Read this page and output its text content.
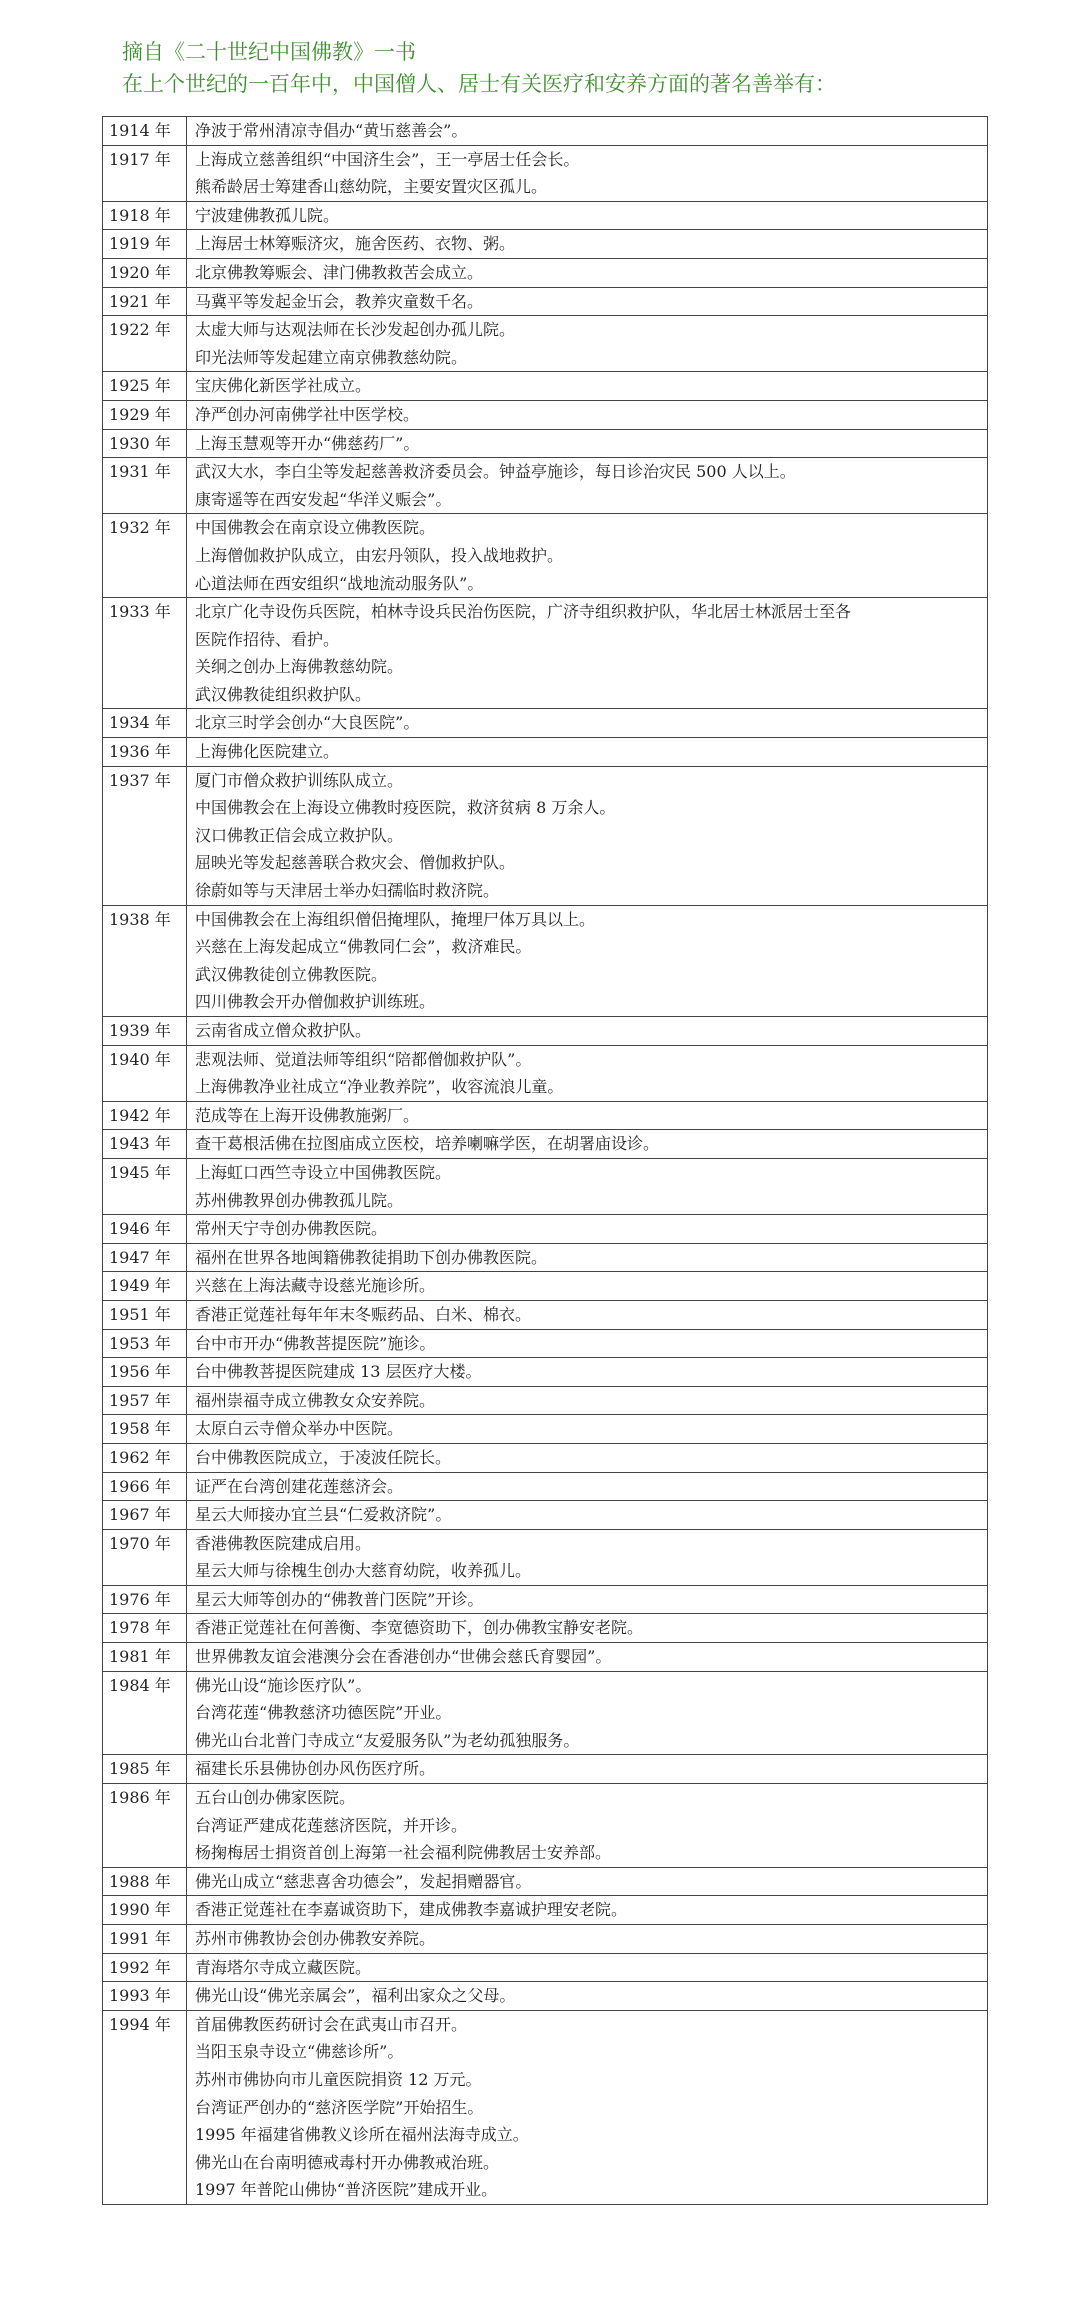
摘自《二十世纪中国佛教》一书
在上个世纪的一百年中，中国僧人、居士有关医疗和安养方面的著名善举有：
1914 年	净波于常州清凉寺倡办“黄卐慈善会”。
1917 年	上海成立慈善组织“中国济生会”，王一亭居士任会长。
熊希龄居士筹建香山慈幼院，主要安置灾区孤儿。
1918 年	宁波建佛教孤儿院。
1919 年	上海居士林筹赈济灾，施舍医药、衣物、粥。
1920 年	北京佛教筹赈会、津门佛教救苦会成立。
1921 年	马冀平等发起金卐会，教养灾童数千名。
1922 年	太虚大师与达观法师在长沙发起创办孤儿院。
印光法师等发起建立南京佛教慈幼院。
1925 年	宝庆佛化新医学社成立。
1929 年	净严创办河南佛学社中医学校。
1930 年	上海玉慧观等开办“佛慈药厂”。
1931 年	武汉大水，李白尘等发起慈善救济委员会。钟益亭施诊，每日诊治灾民 500 人以上。
康寄遥等在西安发起“华洋义赈会”。
1932 年	中国佛教会在南京设立佛教医院。
上海僧伽救护队成立，由宏丹领队，投入战地救护。
心道法师在西安组织“战地流动服务队”。
1933 年	北京广化寺设伤兵医院，柏林寺设兵民治伤医院，广济寺组织救护队，华北居士林派居士至各
医院作招待、看护。
关䌹之创办上海佛教慈幼院。
武汉佛教徒组织救护队。
1934 年	北京三时学会创办“大良医院”。
1936 年	上海佛化医院建立。
1937 年	厦门市僧众救护训练队成立。
中国佛教会在上海设立佛教时疫医院，救济贫病 8 万余人。
汉口佛教正信会成立救护队。
屈映光等发起慈善联合救灾会、僧伽救护队。
徐蔚如等与天津居士举办妇孺临时救济院。
1938 年	中国佛教会在上海组织僧侣掩埋队，掩埋尸体万具以上。
兴慈在上海发起成立“佛教同仁会”，救济难民。
武汉佛教徒创立佛教医院。
四川佛教会开办僧伽救护训练班。
1939 年	云南省成立僧众救护队。
1940 年	悲观法师、觉道法师等组织“陪都僧伽救护队”。
上海佛教净业社成立“净业教养院”，收容流浪儿童。
1942 年	范成等在上海开设佛教施粥厂。
1943 年	查干葛根活佛在拉图庙成立医校，培养喇嘛学医，在胡署庙设诊。
1945 年	上海虹口西竺寺设立中国佛教医院。
苏州佛教界创办佛教孤儿院。
1946 年	常州天宁寺创办佛教医院。
1947 年	福州在世界各地闽籍佛教徒捐助下创办佛教医院。
1949 年	兴慈在上海法藏寺设慈光施诊所。
1951 年	香港正觉莲社每年年末冬赈药品、白米、棉衣。
1953 年	台中市开办“佛教菩提医院”施诊。
1956 年	台中佛教菩提医院建成 13 层医疗大楼。
1957 年	福州崇福寺成立佛教女众安养院。
1958 年	太原白云寺僧众举办中医院。
1962 年	台中佛教医院成立，于凌波任院长。
1966 年	证严在台湾创建花莲慈济会。
1967 年	星云大师接办宜兰县“仁爱救济院”。
1970 年	香港佛教医院建成启用。
星云大师与徐槐生创办大慈育幼院，收养孤儿。
1976 年	星云大师等创办的“佛教普门医院”开诊。
1978 年	香港正觉莲社在何善衡、李宽德资助下，创办佛教宝静安老院。
1981 年	世界佛教友谊会港澳分会在香港创办“世佛会慈氏育婴园”。
1984 年	佛光山设“施诊医疗队”。
台湾花莲“佛教慈济功德医院”开业。
佛光山台北普门寺成立“友爱服务队”为老幼孤独服务。
1985 年	福建长乐县佛协创办风伤医疗所。
1986 年	五台山创办佛家医院。
台湾证严建成花莲慈济医院，并开诊。
杨掬梅居士捐资首创上海第一社会福利院佛教居士安养部。
1988 年	佛光山成立“慈悲喜舍功德会”，发起捐赠器官。
1990 年	香港正觉莲社在李嘉诚资助下，建成佛教李嘉诚护理安老院。
1991 年	苏州市佛教协会创办佛教安养院。
1992 年	青海塔尔寺成立藏医院。
1993 年	佛光山设“佛光亲属会”，福利出家众之父母。
1994 年	首届佛教医药研讨会在武夷山市召开。
当阳玉泉寺设立“佛慈诊所”。
苏州市佛协向市儿童医院捐资 12 万元。
台湾证严创办的“慈济医学院”开始招生。
1995 年福建省佛教义诊所在福州法海寺成立。
佛光山在台南明德戒毒村开办佛教戒治班。
1997 年普陀山佛协“普济医院”建成开业。
